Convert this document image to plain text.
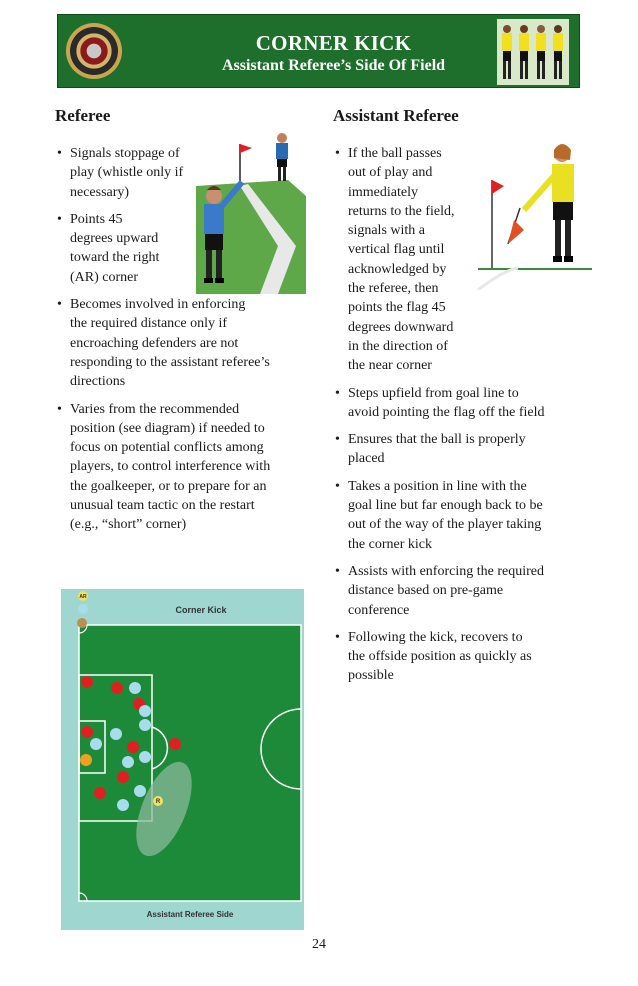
CORNER KICK
Assistant Referee’s Side Of Field
Referee	Assistant Referee
• Signals stoppage of
play (whistle only if
necessary)
• Points 45
degrees upward
toward the right
(AR) corner
• Becomes involved in enforcing
the required distance only if
encroaching defenders are not
responding to the assistant referee’s
directions
• Varies from the recommended
position (see diagram) if needed to
focus on potential conflicts among
players, to control interference with
the goalkeeper, or to prepare for an
unusual team tactic on the restart
(e.g., “short” corner)
• If the ball passes
out of play and
immediately
returns to the field,
signals with a
vertical flag until
acknowledged by
the referee, then
points the flag 45
degrees downward
in the direction of
the near corner
• Steps upfield from goal line to
avoid pointing the flag off the field
• Ensures that the ball is properly
placed
• Takes a position in line with the
goal line but far enough back to be
out of the way of the player taking
the corner kick
• Assists with enforcing the required
distance based on pre-game
conference
• Following the kick, recovers to
the offside position as quickly as
possible
Corner Kick
Assistant Referee Side
AR
R
24
